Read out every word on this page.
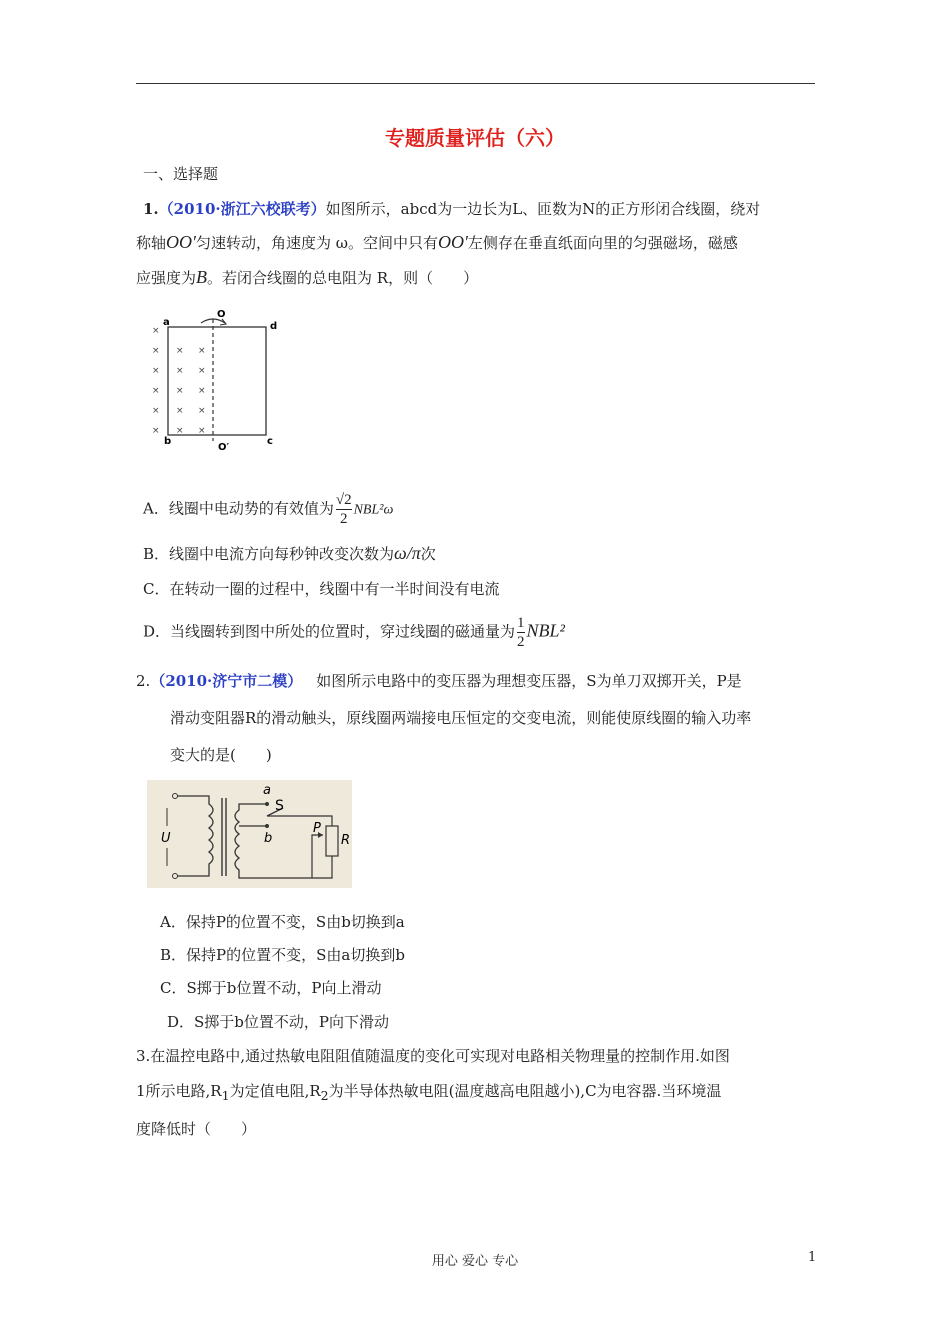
专题质量评估（六）
一、选择题
1.（2010·浙江六校联考）如图所示，abcd为一边长为L、匝数为N的正方形闭合线圈，绕对
称轴OO′匀速转动，角速度为 ω。空间中只有OO′左侧存在垂直纸面向里的匀强磁场，磁感
应强度为B。若闭合线圈的总电阻为 R，则（　　）
×
×
×
×
×
×
×
×
×
×
×
×
×
×
×
×
a	d
b	c
O
O′
A．线圈中电动势的有效值为 $\frac{√2}{2} NBL^2\omega$
B．线圈中电流方向每秒钟改变次数为ω/π次
C．在转动一圈的过程中，线圈中有一半时间没有电流
D．当线圈转到图中所处的位置时，穿过线圈的磁通量为 $\frac{1}{2} NBL^2$
2.（2010·济宁市二模） 如图所示电路中的变压器为理想变压器，S为单刀双掷开关，P是
滑动变阻器R的滑动触头，原线圈两端接电压恒定的交变电流，则能使原线圈的输入功率
变大的是(　　)
U
a
S
b
P
R
A．保持P的位置不变，S由b切换到a
B．保持P的位置不变，S由a切换到b
C．S掷于b位置不动，P向上滑动
D．S掷于b位置不动，P向下滑动
3.在温控电路中,通过热敏电阻阻值随温度的变化可实现对电路相关物理量的控制作用.如图
1所示电路$,R_1$为定值电阻$,R_2$为半导体热敏电阻(温度越高电阻越小),C为电容器.当环境温
度降低时（　　）
用心 爱心 专心	1
